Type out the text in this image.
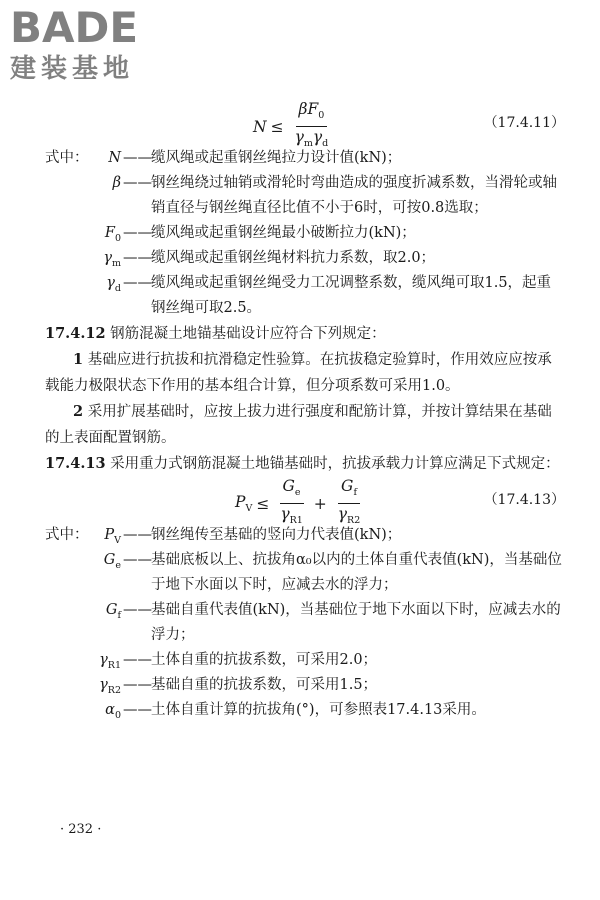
BADE
建装基地
$N \le \frac{\beta F_0}{\gamma_m\gamma_d}$	（17.4.11）
式中：	N —— 缆风绳或起重钢丝绳拉力设计值(kN)；
β —— 钢丝绳绕过轴销或滑轮时弯曲造成的强度折减系数，当滑轮或轴销直径与钢丝绳直径比值不小于6时，可按0.8选取；
$F_0$ —— 缆风绳或起重钢丝绳最小破断拉力(kN)；
$\gamma_m$ —— 缆风绳或起重钢丝绳材料抗力系数，取2.0；
$\gamma_d$ —— 缆风绳或起重钢丝绳受力工况调整系数，缆风绳可取1.5，起重钢丝绳可取2.5。
17.4.12 钢筋混凝土地锚基础设计应符合下列规定：
1 基础应进行抗拔和抗滑稳定性验算。在抗拔稳定验算时，作用效应应按承载能力极限状态下作用的基本组合计算，但分项系数可采用1.0。
2 采用扩展基础时，应按上拔力进行强度和配筋计算，并按计算结果在基础的上表面配置钢筋。
17.4.13 采用重力式钢筋混凝土地锚基础时，抗拔承载力计算应满足下式规定：
$P_V \le \frac{G_e}{\gamma_{R1}} + \frac{G_f}{\gamma_{R2}}$	（17.4.13）
式中：	$P_V$ —— 钢丝绳传至基础的竖向力代表值(kN)；
$G_e$ —— 基础底板以上、抗拔角α₀以内的土体自重代表值(kN)，当基础位于地下水面以下时，应减去水的浮力；
$G_f$ —— 基础自重代表值(kN)，当基础位于地下水面以下时，应减去水的浮力；
$\gamma_{R1}$ —— 土体自重的抗拔系数，可采用2.0；
$\gamma_{R2}$ —— 基础自重的抗拔系数，可采用1.5；
$\alpha_0$ —— 土体自重计算的抗拔角(°)，可参照表17.4.13采用。
· 232 ·
